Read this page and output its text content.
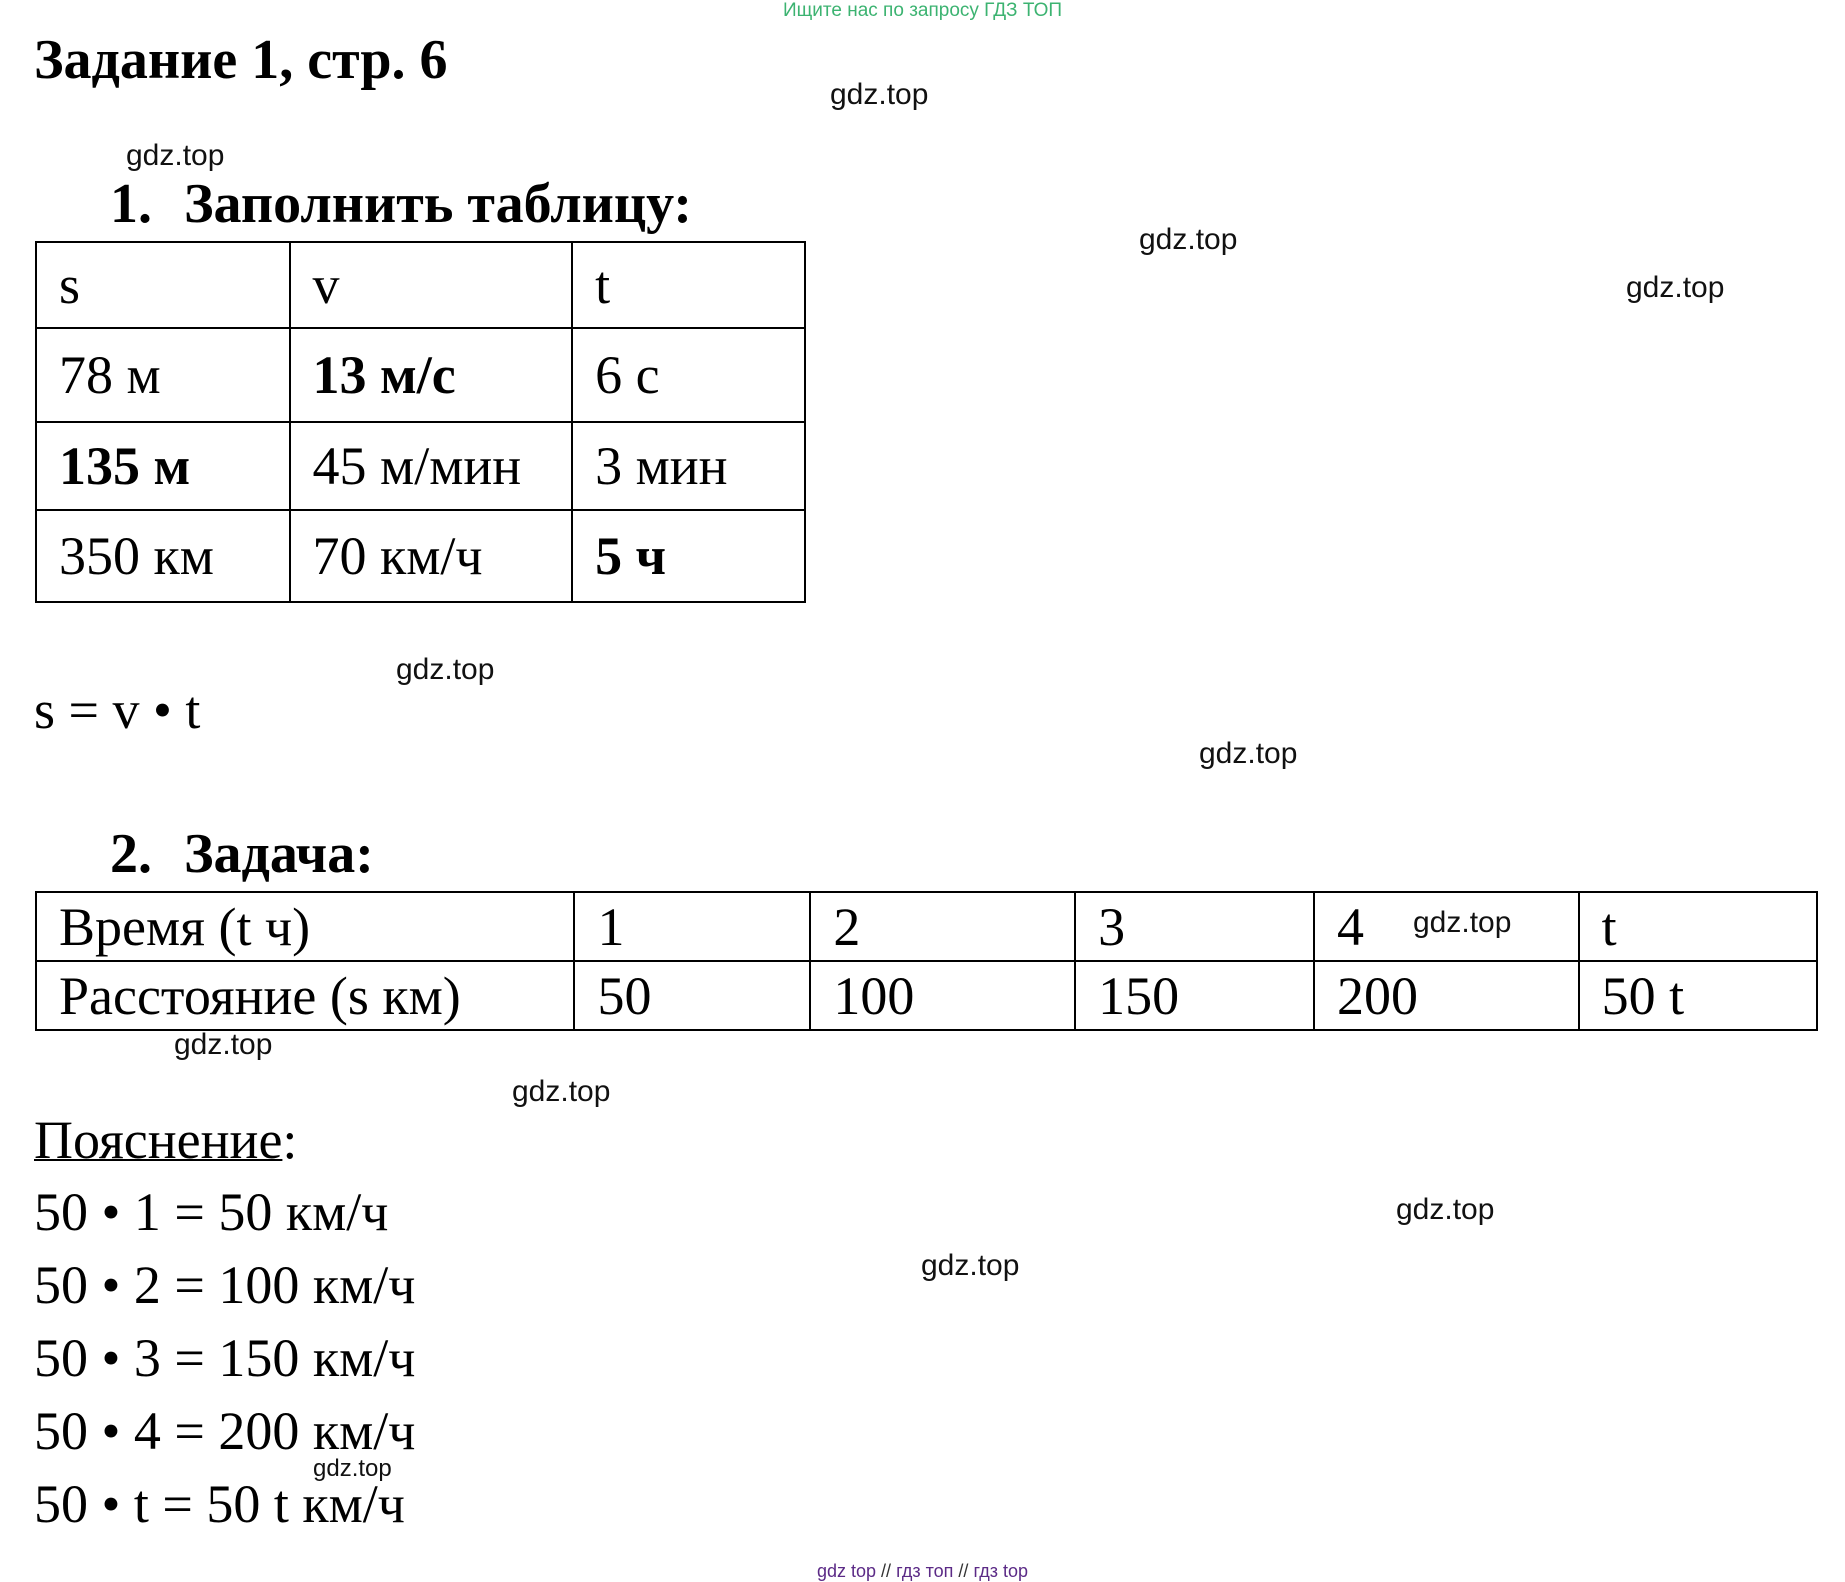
Ищите нас по запросу ГДЗ ТОП
Задание 1, стр. 6
1. Заполнить таблицу:
s	v	t
78 м	13 м/с	6 с
135 м	45 м/мин	3 мин
350 км	70 км/ч	5 ч
s = v • t
2. Задача:
Время (t ч)	1	2	3	4	t
Расстояние (s км)	50	100	150	200	50 t
Пояснение:
50 • 1 = 50 км/ч
50 • 2 = 100 км/ч
50 • 3 = 150 км/ч
50 • 4 = 200 км/ч
50 • t = 50 t км/ч
gdz.top
gdz.top
gdz.top
gdz.top
gdz.top
gdz.top
gdz.top
gdz.top
gdz.top
gdz.top
gdz.top
gdz.top
gdz top // гдз топ // гдз top
